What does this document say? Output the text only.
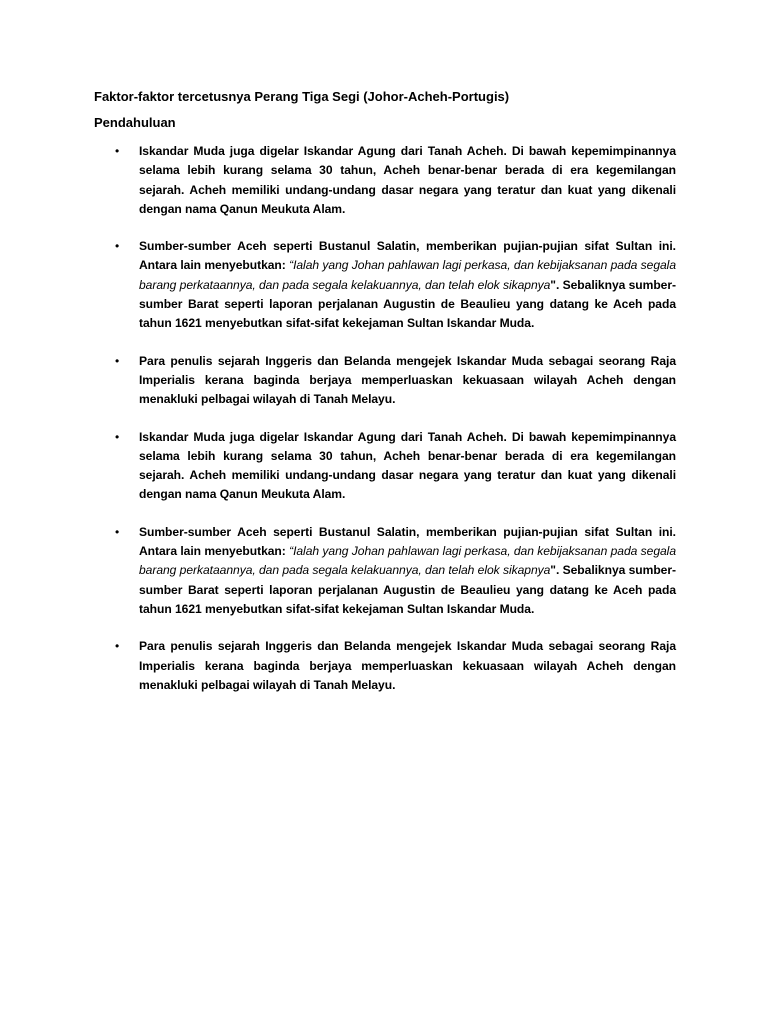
Faktor-faktor tercetusnya Perang Tiga Segi (Johor-Acheh-Portugis)
Pendahuluan
• Iskandar Muda juga digelar Iskandar Agung dari Tanah Acheh. Di bawah kepemimpinannya selama lebih kurang selama 30 tahun, Acheh benar-benar berada di era kegemilangan sejarah. Acheh memiliki undang-undang dasar negara yang teratur dan kuat yang dikenali dengan nama Qanun Meukuta Alam.
• Sumber-sumber Aceh seperti Bustanul Salatin, memberikan pujian-pujian sifat Sultan ini. Antara lain menyebutkan: “Ialah yang Johan pahlawan lagi perkasa, dan kebijaksanan pada segala barang perkataannya, dan pada segala kelakuannya, dan telah elok sikapnya". Sebaliknya sumber-sumber Barat seperti laporan perjalanan Augustin de Beaulieu yang datang ke Aceh pada tahun 1621 menyebutkan sifat-sifat kekejaman Sultan Iskandar Muda.
• Para penulis sejarah Inggeris dan Belanda mengejek Iskandar Muda sebagai seorang Raja Imperialis kerana baginda berjaya memperluaskan kekuasaan wilayah Acheh dengan menakluki pelbagai wilayah di Tanah Melayu.
• Iskandar Muda juga digelar Iskandar Agung dari Tanah Acheh. Di bawah kepemimpinannya selama lebih kurang selama 30 tahun, Acheh benar-benar berada di era kegemilangan sejarah. Acheh memiliki undang-undang dasar negara yang teratur dan kuat yang dikenali dengan nama Qanun Meukuta Alam.
• Sumber-sumber Aceh seperti Bustanul Salatin, memberikan pujian-pujian sifat Sultan ini. Antara lain menyebutkan: “Ialah yang Johan pahlawan lagi perkasa, dan kebijaksanan pada segala barang perkataannya, dan pada segala kelakuannya, dan telah elok sikapnya". Sebaliknya sumber-sumber Barat seperti laporan perjalanan Augustin de Beaulieu yang datang ke Aceh pada tahun 1621 menyebutkan sifat-sifat kekejaman Sultan Iskandar Muda.
• Para penulis sejarah Inggeris dan Belanda mengejek Iskandar Muda sebagai seorang Raja Imperialis kerana baginda berjaya memperluaskan kekuasaan wilayah Acheh dengan menakluki pelbagai wilayah di Tanah Melayu.
